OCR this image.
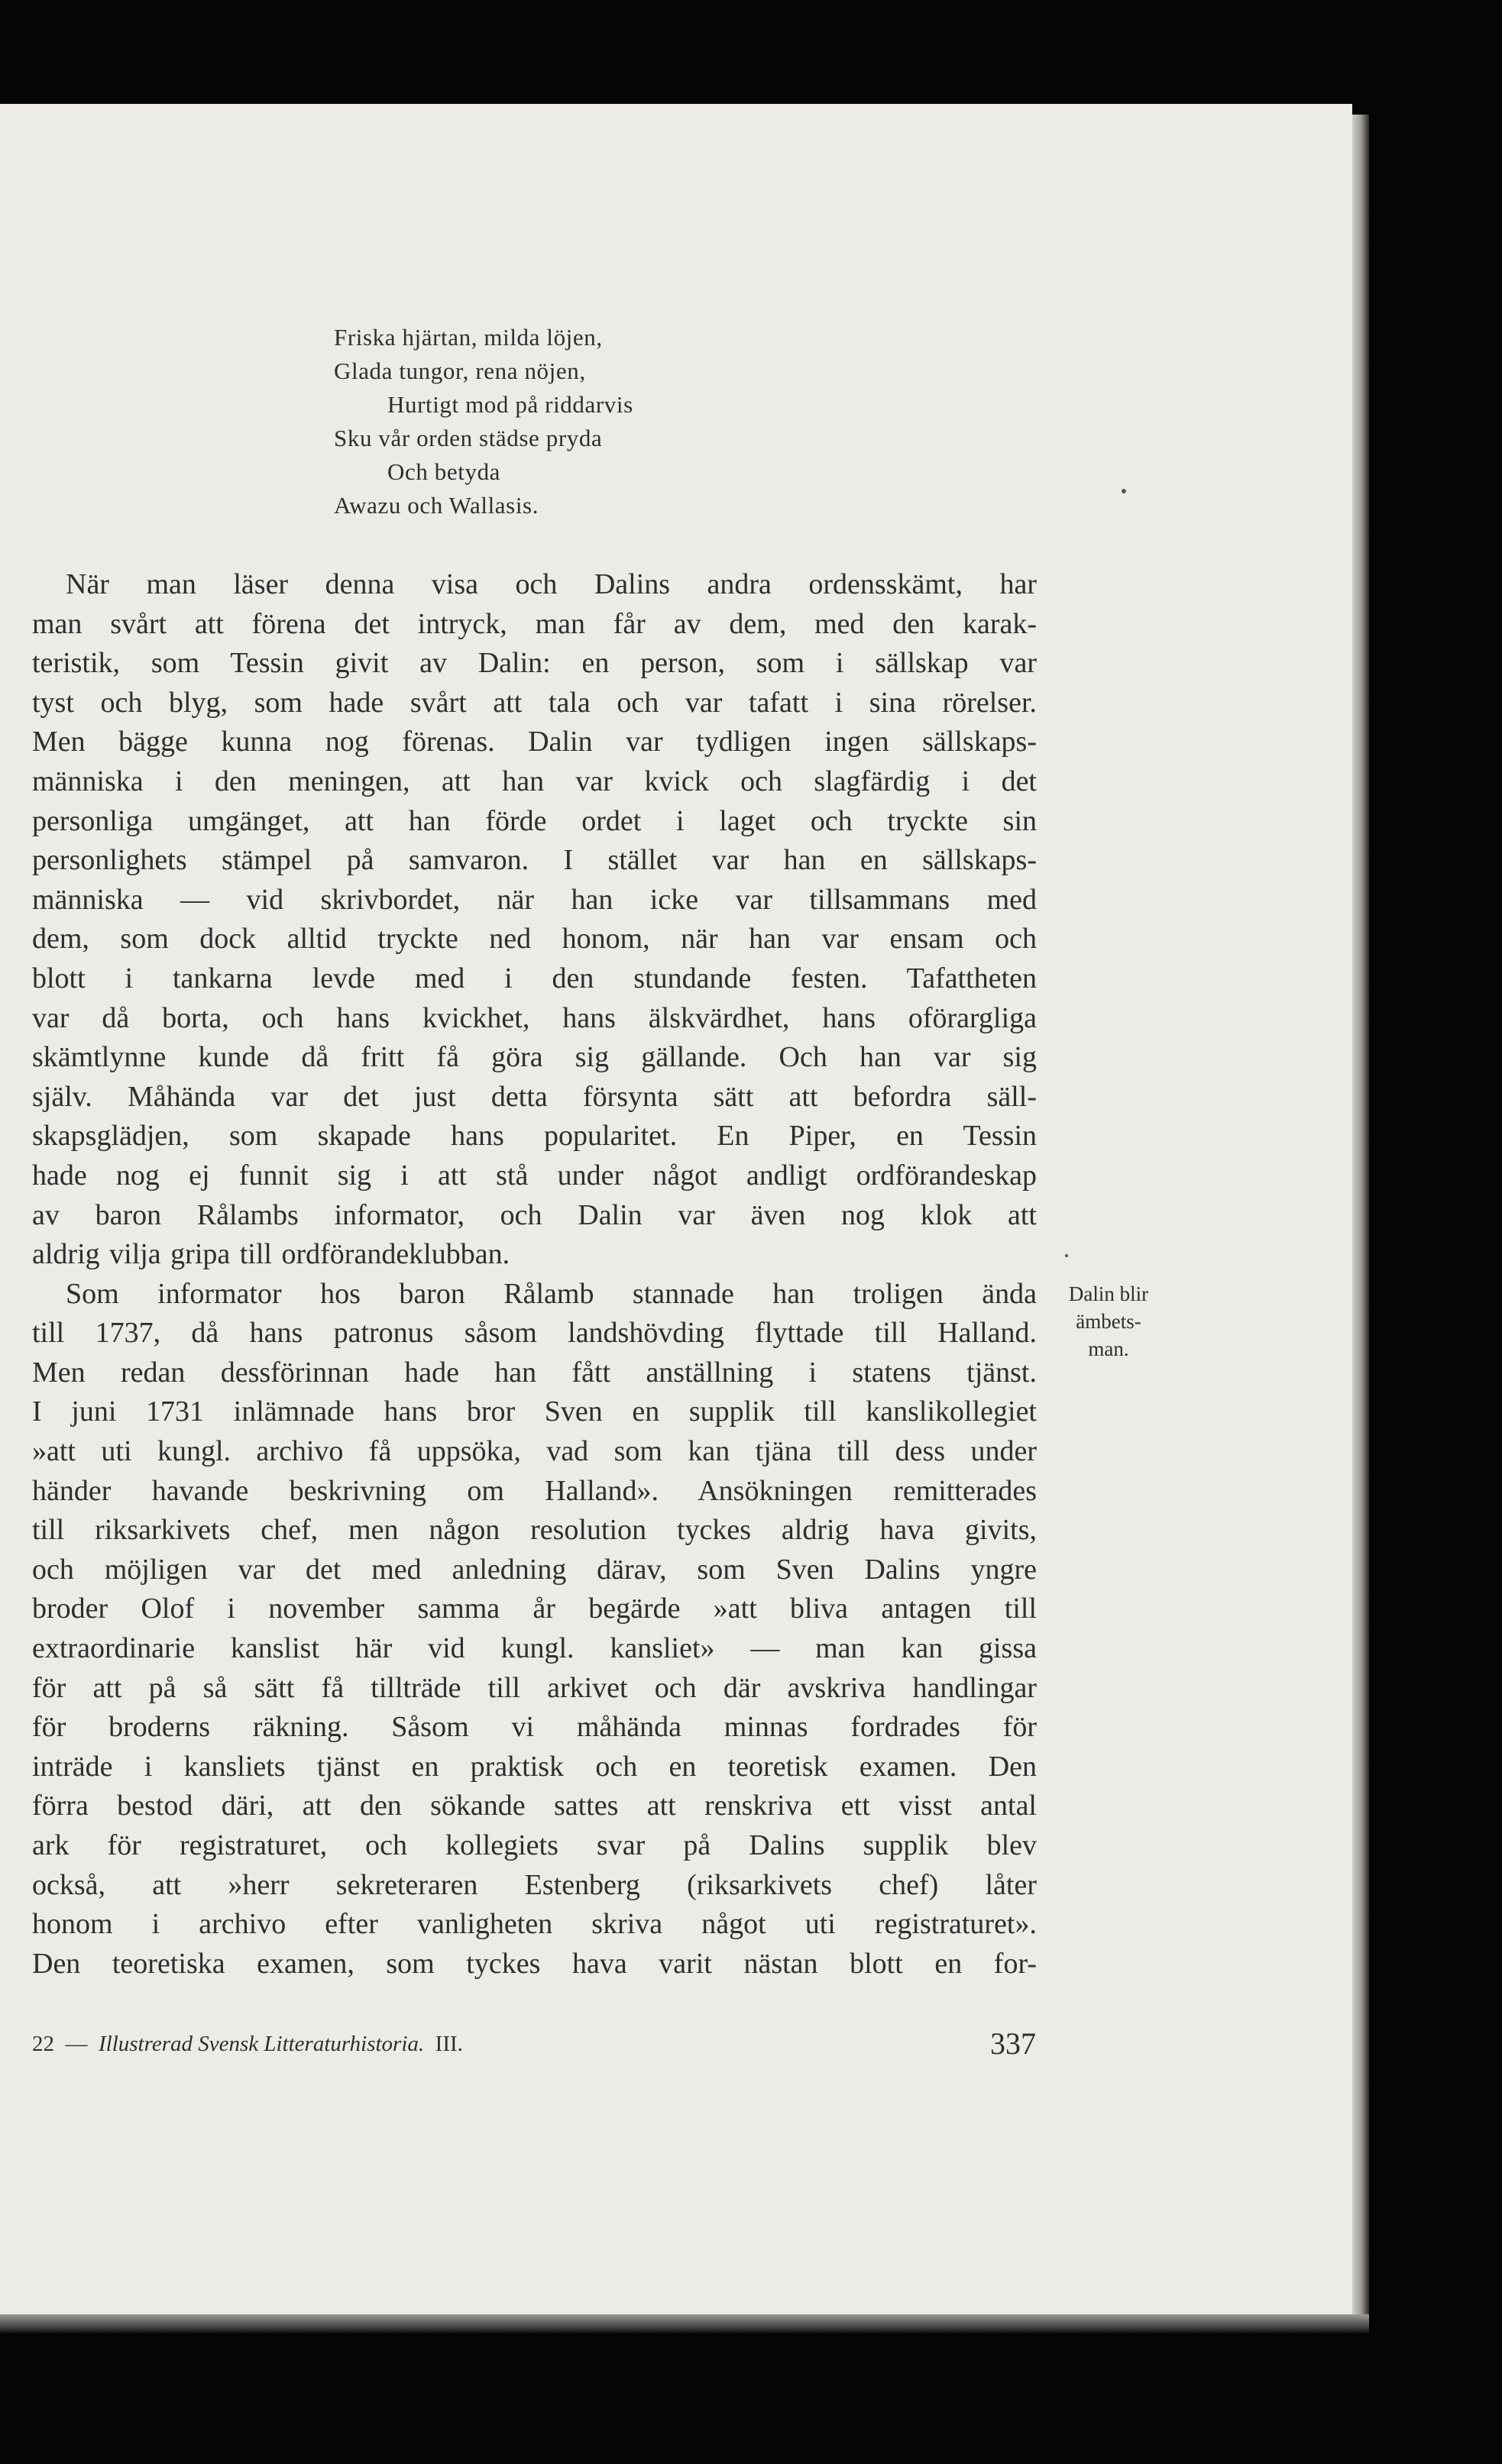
Friska hjärtan, milda löjen,
Glada tungor, rena nöjen,
Hurtigt mod på riddarvis
Sku vår orden städse pryda
Och betyda
Awazu och Wallasis.
När man läser denna visa och Dalins andra ordensskämt, har
man svårt att förena det intryck, man får av dem, med den karak-
teristik, som Tessin givit av Dalin: en person, som i sällskap var
tyst och blyg, som hade svårt att tala och var tafatt i sina rörelser.
Men bägge kunna nog förenas. Dalin var tydligen ingen sällskaps-
människa i den meningen, att han var kvick och slagfärdig i det
personliga umgänget, att han förde ordet i laget och tryckte sin
personlighets stämpel på samvaron. I stället var han en sällskaps-
människa — vid skrivbordet, när han icke var tillsammans med
dem, som dock alltid tryckte ned honom, när han var ensam och
blott i tankarna levde med i den stundande festen. Tafattheten
var då borta, och hans kvickhet, hans älskvärdhet, hans oförargliga
skämtlynne kunde då fritt få göra sig gällande. Och han var sig
själv. Måhända var det just detta försynta sätt att befordra säll-
skapsglädjen, som skapade hans popularitet. En Piper, en Tessin
hade nog ej funnit sig i att stå under något andligt ordförandeskap
av baron Rålambs informator, och Dalin var även nog klok att
aldrig vilja gripa till ordförandeklubban.
Som informator hos baron Rålamb stannade han troligen ända
till 1737, då hans patronus såsom landshövding flyttade till Halland.
Men redan dessförinnan hade han fått anställning i statens tjänst.
I juni 1731 inlämnade hans bror Sven en supplik till kanslikollegiet
»att uti kungl. archivo få uppsöka, vad som kan tjäna till dess under
händer havande beskrivning om Halland». Ansökningen remitterades
till riksarkivets chef, men någon resolution tyckes aldrig hava givits,
och möjligen var det med anledning därav, som Sven Dalins yngre
broder Olof i november samma år begärde »att bliva antagen till
extraordinarie kanslist här vid kungl. kansliet» — man kan gissa
för att på så sätt få tillträde till arkivet och där avskriva handlingar
för broderns räkning. Såsom vi måhända minnas fordrades för
inträde i kansliets tjänst en praktisk och en teoretisk examen. Den
förra bestod däri, att den sökande sattes att renskriva ett visst antal
ark för registraturet, och kollegiets svar på Dalins supplik blev
också, att »herr sekreteraren Estenberg (riksarkivets chef) låter
honom i archivo efter vanligheten skriva något uti registraturet».
Den teoretiska examen, som tyckes hava varit nästan blott en for-
Dalin blir
ämbets-
man.
22 — Illustrerad Svensk Litteraturhistoria. III.	337
